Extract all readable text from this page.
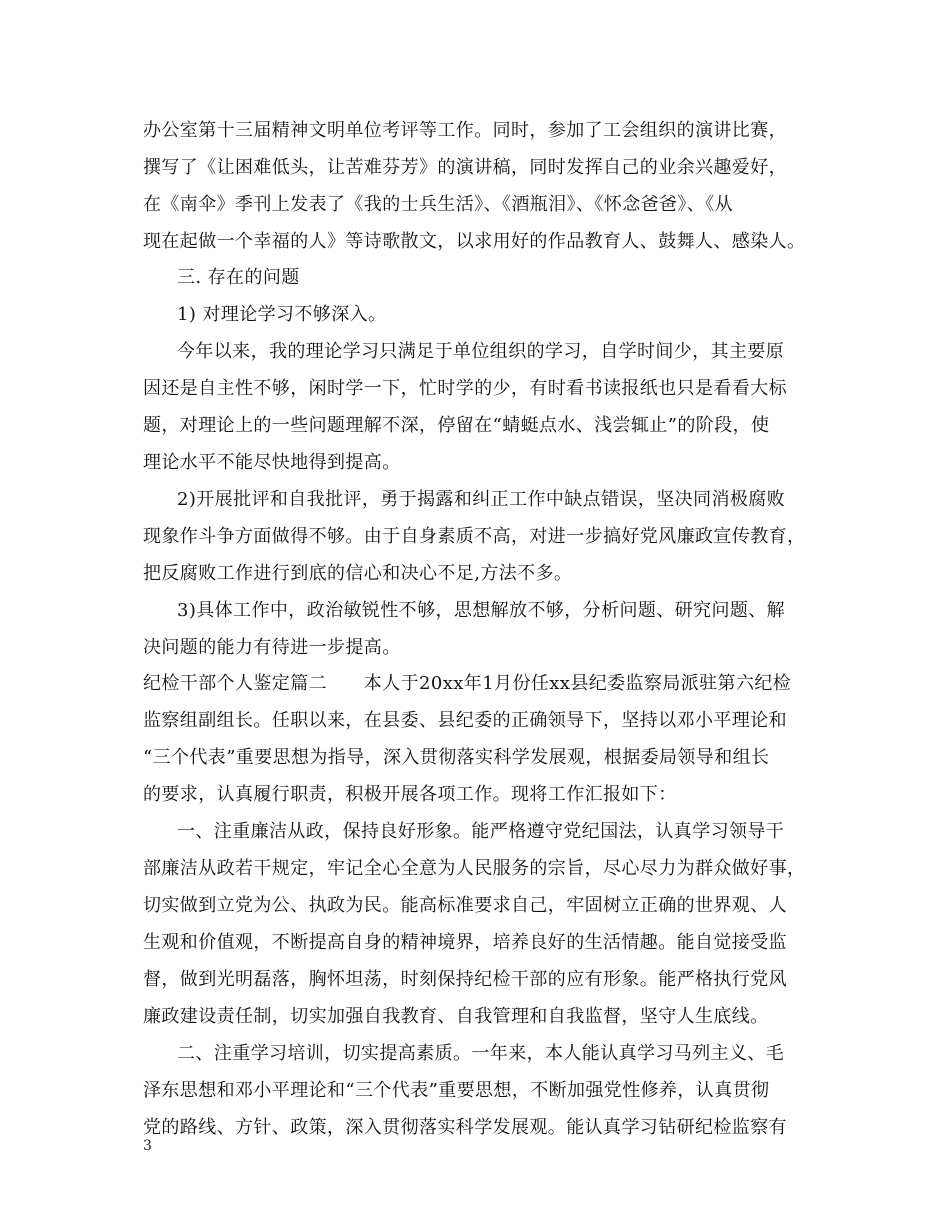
办公室第十三届精神文明单位考评等工作。同时，参加了工会组织的演讲比赛，
撰写了《让困难低头，让苦难芬芳》的演讲稿，同时发挥自己的业余兴趣爱好，
在《南伞》季刊上发表了《我的士兵生活》、《酒瓶泪》、《怀念爸爸》、《从
现在起做一个幸福的人》等诗歌散文，以求用好的作品教育人、鼓舞人、感染人。
三. 存在的问题
1) 对理论学习不够深入。
今年以来，我的理论学习只满足于单位组织的学习，自学时间少，其主要原
因还是自主性不够，闲时学一下，忙时学的少，有时看书读报纸也只是看看大标
题，对理论上的一些问题理解不深，停留在“蜻蜓点水、浅尝辄止”的阶段，使
理论水平不能尽快地得到提高。
2)开展批评和自我批评，勇于揭露和纠正工作中缺点错误，坚决同消极腐败
现象作斗争方面做得不够。由于自身素质不高，对进一步搞好党风廉政宣传教育，
把反腐败工作进行到底的信心和决心不足,方法不多。
3)具体工作中，政治敏锐性不够，思想解放不够，分析问题、研究问题、解
决问题的能力有待进一步提高。
纪检干部个人鉴定篇二　　本人于20xx年1月份任xx县纪委监察局派驻第六纪检
监察组副组长。任职以来，在县委、县纪委的正确领导下，坚持以邓小平理论和
“三个代表”重要思想为指导，深入贯彻落实科学发展观，根据委局领导和组长
的要求，认真履行职责，积极开展各项工作。现将工作汇报如下：
一、注重廉洁从政，保持良好形象。能严格遵守党纪国法，认真学习领导干
部廉洁从政若干规定，牢记全心全意为人民服务的宗旨，尽心尽力为群众做好事，
切实做到立党为公、执政为民。能高标准要求自己，牢固树立正确的世界观、人
生观和价值观，不断提高自身的精神境界，培养良好的生活情趣。能自觉接受监
督，做到光明磊落，胸怀坦荡，时刻保持纪检干部的应有形象。能严格执行党风
廉政建设责任制，切实加强自我教育、自我管理和自我监督，坚守人生底线。
二、注重学习培训，切实提高素质。一年来，本人能认真学习马列主义、毛
泽东思想和邓小平理论和“三个代表”重要思想，不断加强党性修养，认真贯彻
党的路线、方针、政策，深入贯彻落实科学发展观。能认真学习钻研纪检监察有
3
